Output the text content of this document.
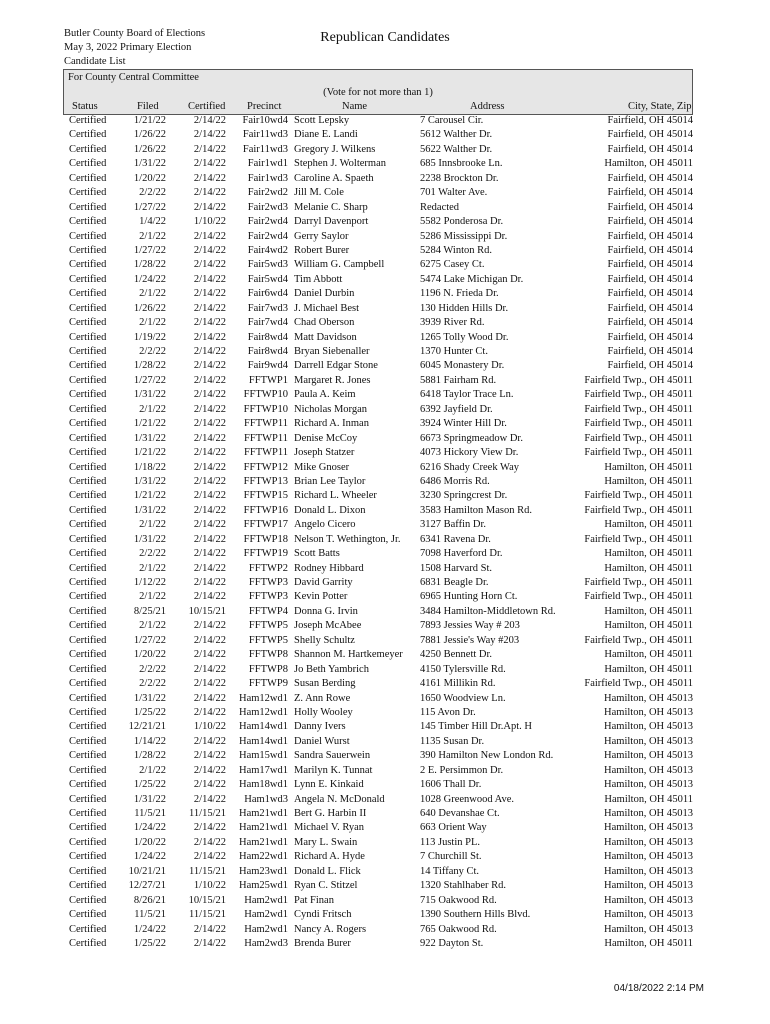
Butler County Board of Elections
May 3, 2022 Primary Election
Candidate List
Republican Candidates
For County Central Committee
(Vote for not more than 1)
Status	Filed	Certified Precinct	Name	Address	City, State, Zip
Certified	1/21/22	2/14/22	Fair10wd4 Scott Lepsky	7 Carousel Cir.	Fairfield, OH 45014
Certified	1/26/22	2/14/22	Fair11wd3 Diane E. Landi	5612 Walther Dr.	Fairfield, OH 45014
Certified	1/26/22	2/14/22	Fair11wd3 Gregory J. Wilkens	5622 Walther Dr.	Fairfield, OH 45014
Certified	1/31/22	2/14/22	Fair1wd1 Stephen J. Wolterman	685 Innsbrooke Ln.	Hamilton, OH 45011
Certified	1/20/22	2/14/22	Fair1wd3 Caroline A. Spaeth	2238 Brockton Dr.	Fairfield, OH 45014
Certified	2/2/22	2/14/22	Fair2wd2 Jill M. Cole	701 Walter Ave.	Fairfield, OH 45014
Certified	1/27/22	2/14/22	Fair2wd3 Melanie C. Sharp	Redacted	Fairfield, OH 45014
Certified	1/4/22	1/10/22	Fair2wd4 Darryl Davenport	5582 Ponderosa Dr.	Fairfield, OH 45014
Certified	2/1/22	2/14/22	Fair2wd4 Gerry Saylor	5286 Mississippi Dr.	Fairfield, OH 45014
Certified	1/27/22	2/14/22	Fair4wd2 Robert Burer	5284 Winton Rd.	Fairfield, OH 45014
Certified	1/28/22	2/14/22	Fair5wd3 William G. Campbell	6275 Casey Ct.	Fairfield, OH 45014
Certified	1/24/22	2/14/22	Fair5wd4 Tim Abbott	5474 Lake Michigan Dr.	Fairfield, OH 45014
Certified	2/1/22	2/14/22	Fair6wd4 Daniel Durbin	1196 N. Frieda Dr.	Fairfield, OH 45014
Certified	1/26/22	2/14/22	Fair7wd3 J. Michael Best	130 Hidden Hills Dr.	Fairfield, OH 45014
Certified	2/1/22	2/14/22	Fair7wd4 Chad Oberson	3939 River Rd.	Fairfield, OH 45014
Certified	1/19/22	2/14/22	Fair8wd4 Matt Davidson	1265 Tolly Wood Dr.	Fairfield, OH 45014
Certified	2/2/22	2/14/22	Fair8wd4 Bryan Siebenaller	1370 Hunter Ct.	Fairfield, OH 45014
Certified	1/28/22	2/14/22	Fair9wd4 Darrell Edgar Stone	6045 Monastery Dr.	Fairfield, OH 45014
Certified	1/27/22	2/14/22	FFTWP1 Margaret R. Jones	5881 Fairham Rd.	Fairfield Twp., OH 45011
Certified	1/31/22	2/14/22	FFTWP10 Paula A. Keim	6418 Taylor Trace Ln.	Fairfield Twp., OH 45011
Certified	2/1/22	2/14/22	FFTWP10 Nicholas Morgan	6392 Jayfield Dr.	Fairfield Twp., OH 45011
Certified	1/21/22	2/14/22	FFTWP11 Richard A. Inman	3924 Winter Hill Dr.	Fairfield Twp., OH 45011
Certified	1/31/22	2/14/22	FFTWP11 Denise McCoy	6673 Springmeadow Dr.	Fairfield Twp., OH 45011
Certified	1/21/22	2/14/22	FFTWP11 Joseph Statzer	4073 Hickory View Dr.	Fairfield Twp., OH 45011
Certified	1/18/22	2/14/22	FFTWP12 Mike Gnoser	6216 Shady Creek Way	Hamilton, OH 45011
Certified	1/31/22	2/14/22	FFTWP13 Brian Lee Taylor	6486 Morris Rd.	Hamilton, OH 45011
Certified	1/21/22	2/14/22	FFTWP15 Richard L. Wheeler	3230 Springcrest Dr.	Fairfield Twp., OH 45011
Certified	1/31/22	2/14/22	FFTWP16 Donald L. Dixon	3583 Hamilton Mason Rd.	Fairfield Twp., OH 45011
Certified	2/1/22	2/14/22	FFTWP17 Angelo Cicero	3127 Baffin Dr.	Hamilton, OH 45011
Certified	1/31/22	2/14/22	FFTWP18 Nelson T. Wethington, Jr.	6341 Ravena Dr.	Fairfield Twp., OH 45011
Certified	2/2/22	2/14/22	FFTWP19 Scott Batts	7098 Haverford Dr.	Hamilton, OH 45011
Certified	2/1/22	2/14/22	FFTWP2 Rodney Hibbard	1508 Harvard St.	Hamilton, OH 45011
Certified	1/12/22	2/14/22	FFTWP3 David Garrity	6831 Beagle Dr.	Fairfield Twp., OH 45011
Certified	2/1/22	2/14/22	FFTWP3 Kevin Potter	6965 Hunting Horn Ct.	Fairfield Twp., OH 45011
Certified	8/25/21	10/15/21	FFTWP4 Donna G. Irvin	3484 Hamilton-Middletown Rd.	Hamilton, OH 45011
Certified	2/1/22	2/14/22	FFTWP5 Joseph McAbee	7893 Jessies Way # 203	Hamilton, OH 45011
Certified	1/27/22	2/14/22	FFTWP5 Shelly Schultz	7881 Jessie's Way #203	Fairfield Twp., OH 45011
Certified	1/20/22	2/14/22	FFTWP8 Shannon M. Hartkemeyer	4250 Bennett Dr.	Hamilton, OH 45011
Certified	2/2/22	2/14/22	FFTWP8 Jo Beth Yambrich	4150 Tylersville Rd.	Hamilton, OH 45011
Certified	2/2/22	2/14/22	FFTWP9 Susan Berding	4161 Millikin Rd.	Fairfield Twp., OH 45011
Certified	1/31/22	2/14/22 Ham12wd1 Z. Ann Rowe	1650 Woodview Ln.	Hamilton, OH 45013
Certified	1/25/22	2/14/22 Ham12wd1 Holly Wooley	115 Avon Dr.	Hamilton, OH 45013
Certified	12/21/21	1/10/22 Ham14wd1 Danny Ivers	145 Timber Hill Dr.Apt. H	Hamilton, OH 45013
Certified	1/14/22	2/14/22 Ham14wd1 Daniel Wurst	1135 Susan Dr.	Hamilton, OH 45013
Certified	1/28/22	2/14/22 Ham15wd1 Sandra Sauerwein	390 Hamilton New London Rd.	Hamilton, OH 45013
Certified	2/1/22	2/14/22 Ham17wd1 Marilyn K. Tunnat	2 E. Persimmon Dr.	Hamilton, OH 45013
Certified	1/25/22	2/14/22 Ham18wd1 Lynn E. Kinkaid	1606 Thall Dr.	Hamilton, OH 45013
Certified	1/31/22	2/14/22	Ham1wd3 Angela N. McDonald	1028 Greenwood Ave.	Hamilton, OH 45011
Certified	11/5/21	11/15/21 Ham21wd1 Bert G. Harbin II	640 Devanshae Ct.	Hamilton, OH 45013
Certified	1/24/22	2/14/22 Ham21wd1 Michael V. Ryan	663 Orient Way	Hamilton, OH 45013
Certified	1/20/22	2/14/22 Ham21wd1 Mary L. Swain	113 Justin PL.	Hamilton, OH 45013
Certified	1/24/22	2/14/22 Ham22wd1 Richard A. Hyde	7 Churchill St.	Hamilton, OH 45013
Certified	10/21/21	11/15/21 Ham23wd1 Donald L. Flick	14 Tiffany Ct.	Hamilton, OH 45013
Certified	12/27/21	1/10/22 Ham25wd1 Ryan C. Stitzel	1320 Stahlhaber Rd.	Hamilton, OH 45013
Certified	8/26/21	10/15/21	Ham2wd1 Pat Finan	715 Oakwood Rd.	Hamilton, OH 45013
Certified	11/5/21	11/15/21	Ham2wd1 Cyndi Fritsch	1390 Southern Hills Blvd.	Hamilton, OH 45013
Certified	1/24/22	2/14/22	Ham2wd1 Nancy A. Rogers	765 Oakwood Rd.	Hamilton, OH 45013
Certified	1/25/22	2/14/22	Ham2wd3 Brenda Burer	922 Dayton St.	Hamilton, OH 45011
04/18/2022 2:14 PM
